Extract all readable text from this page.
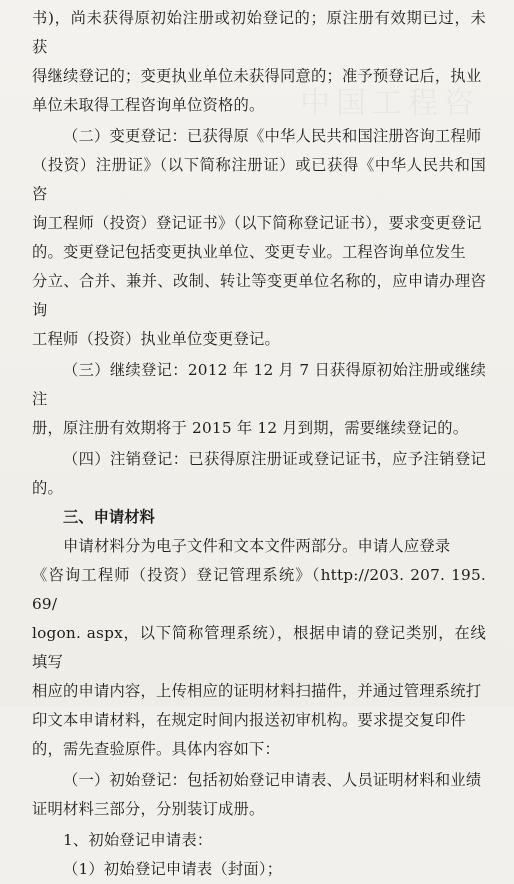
中国工程咨

书)，尚未获得原初始注册或初始登记的；原注册有效期已过，未获
得继续登记的；变更执业单位未获得同意的；准予预登记后，执业
单位未取得工程咨询单位资格的。

（二）变更登记：已获得原《中华人民共和国注册咨询工程师
（投资）注册证》（以下简称注册证）或已获得《中华人民共和国咨
询工程师（投资）登记证书》（以下简称登记证书），要求变更登记
的。变更登记包括变更执业单位、变更专业。工程咨询单位发生
分立、合并、兼并、改制、转让等变更单位名称的，应申请办理咨询
工程师（投资）执业单位变更登记。

（三）继续登记：2012 年 12 月 7 日获得原初始注册或继续注
册，原注册有效期将于 2015 年 12 月到期，需要继续登记的。

（四）注销登记：已获得原注册证或登记证书，应予注销登记的。

三、申请材料

申请材料分为电子文件和文本文件两部分。申请人应登录
《咨询工程师（投资）登记管理系统》（http://203. 207. 195. 69/
logon. aspx，以下简称管理系统），根据申请的登记类别，在线填写
相应的申请内容，上传相应的证明材料扫描件，并通过管理系统打
印文本申请材料，在规定时间内报送初审机构。要求提交复印件
的，需先查验原件。具体内容如下：

（一）初始登记：包括初始登记申请表、人员证明材料和业绩
证明材料三部分，分别装订成册。

1、初始登记申请表：

（1）初始登记申请表（封面）；
